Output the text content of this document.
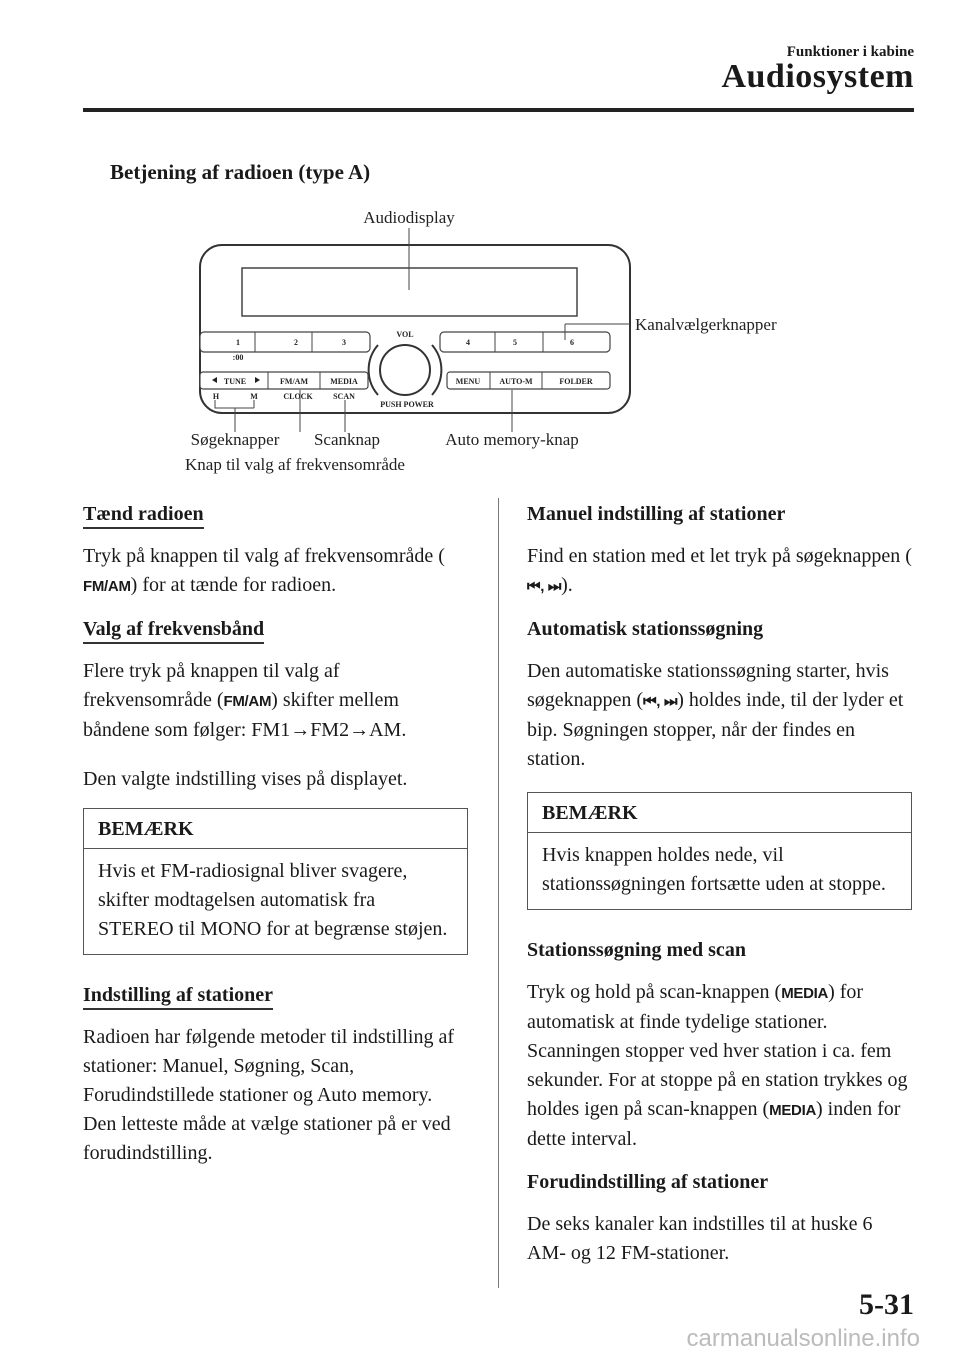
Funktioner i kabine
Audiosystem
Betjening af radioen (type A)
1	2	3	4	5	6
:00
VOL
PUSH POWER
TUNE	FM/AM	MEDIA	MENU AUTO-M	FOLDER
H	M	CLOCK	SCAN
Audiodisplay
Kanalvælgerknapper
Søgeknapper Scanknap	Auto memory-knap
Knap til valg af frekvensområde
Tænd radioen

Tryk på knappen til valg af frekvensområde (FM/AM) for at tænde for radioen.

Valg af frekvensbånd

Flere tryk på knappen til valg af frekvensområde (FM/AM) skifter mellem båndene som følger: FM1→FM2→AM.

Den valgte indstilling vises på displayet.

BEMÆRK
Hvis et FM-radiosignal bliver svagere, skifter modtagelsen automatisk fra STEREO til MONO for at begrænse støjen.
Indstilling af stationer

Radioen har følgende metoder til indstilling af stationer: Manuel, Søgning, Scan, Forudindstillede stationer og Auto memory. Den letteste måde at vælge stationer på er ved forudindstilling.

Manuel indstilling af stationer

Find en station med et let tryk på søgeknappen (⏮, ⏭).

Automatisk stationssøgning

Den automatiske stationssøgning starter, hvis søgeknappen (⏮, ⏭) holdes inde, til der lyder et bip. Søgningen stopper, når der findes en station.

BEMÆRK
Hvis knappen holdes nede, vil stationssøgningen fortsætte uden at stoppe.
Stationssøgning med scan

Tryk og hold på scan-knappen (MEDIA) for automatisk at finde tydelige stationer. Scanningen stopper ved hver station i ca. fem sekunder. For at stoppe på en station trykkes og holdes igen på scan-knappen (MEDIA) inden for dette interval.

Forudindstilling af stationer

De seks kanaler kan indstilles til at huske 6 AM- og 12 FM-stationer.

5-31
carmanualsonline.info
